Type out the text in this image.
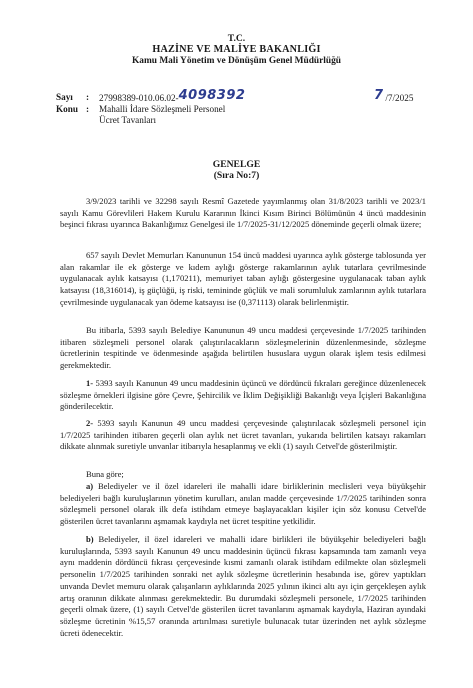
T.C.
HAZİNE VE MALİYE BAKANLIĞI
Kamu Mali Yönetim ve Dönüşüm Genel Müdürlüğü
Sayı : 27998389-010.06.02-4098392	7 /7/2025
Konu : Mahalli İdare Sözleşmeli Personel
Ücret Tavanları
GENELGE
(Sıra No:7)

3/9/2023 tarihli ve 32298 sayılı Resmî Gazetede yayımlanmış olan 31/8/2023 tarihli ve 2023/1 sayılı Kamu Görevlileri Hakem Kurulu Kararının İkinci Kısım Birinci Bölümünün 4 üncü maddesinin beşinci fıkrası uyarınca Bakanlığımız Genelgesi ile 1/7/2025-31/12/2025 döneminde geçerli olmak üzere;

657 sayılı Devlet Memurları Kanununun 154 üncü maddesi uyarınca aylık gösterge tablosunda yer alan rakamlar ile ek gösterge ve kıdem aylığı gösterge rakamlarının aylık tutarlara çevrilmesinde uygulanacak aylık katsayısı (1,170211), memuriyet taban aylığı göstergesine uygulanacak taban aylık katsayısı (18,316014), iş güçlüğü, iş riski, temininde güçlük ve mali sorumluluk zamlarının aylık tutarlara çevrilmesinde uygulanacak yan ödeme katsayısı ise (0,371113) olarak belirlenmiştir.

Bu itibarla, 5393 sayılı Belediye Kanununun 49 uncu maddesi çerçevesinde 1/7/2025 tarihinden itibaren sözleşmeli personel olarak çalıştırılacakların sözleşmelerinin düzenlenmesinde, sözleşme ücretlerinin tespitinde ve ödenmesinde aşağıda belirtilen hususlara uygun olarak işlem tesis edilmesi gerekmektedir.

1- 5393 sayılı Kanunun 49 uncu maddesinin üçüncü ve dördüncü fıkraları gereğince düzenlenecek sözleşme örnekleri ilgisine göre Çevre, Şehircilik ve İklim Değişikliği Bakanlığı veya İçişleri Bakanlığına gönderilecektir.

2- 5393 sayılı Kanunun 49 uncu maddesi çerçevesinde çalıştırılacak sözleşmeli personel için 1/7/2025 tarihinden itibaren geçerli olan aylık net ücret tavanları, yukarıda belirtilen katsayı rakamları dikkate alınmak suretiyle unvanlar itibarıyla hesaplanmış ve ekli (1) sayılı Cetvel'de gösterilmiştir.

Buna göre;

a) Belediyeler ve il özel idareleri ile mahalli idare birliklerinin meclisleri veya büyükşehir belediyeleri bağlı kuruluşlarının yönetim kurulları, anılan madde çerçevesinde 1/7/2025 tarihinden sonra sözleşmeli personel olarak ilk defa istihdam etmeye başlayacakları kişiler için söz konusu Cetvel'de gösterilen ücret tavanlarını aşmamak kaydıyla net ücret tespitine yetkilidir.

b) Belediyeler, il özel idareleri ve mahalli idare birlikleri ile büyükşehir belediyeleri bağlı kuruluşlarında, 5393 sayılı Kanunun 49 uncu maddesinin üçüncü fıkrası kapsamında tam zamanlı veya aynı maddenin dördüncü fıkrası çerçevesinde kısmi zamanlı olarak istihdam edilmekte olan sözleşmeli personelin 1/7/2025 tarihinden sonraki net aylık sözleşme ücretlerinin hesabında ise, görev yaptıkları unvanda Devlet memuru olarak çalışanların aylıklarında 2025 yılının ikinci altı ayı için gerçekleşen aylık artış oranının dikkate alınması gerekmektedir. Bu durumdaki sözleşmeli personele, 1/7/2025 tarihinden geçerli olmak üzere, (1) sayılı Cetvel'de gösterilen ücret tavanlarını aşmamak kaydıyla, Haziran ayındaki sözleşme ücretinin %15,57 oranında artırılması suretiyle bulunacak tutar üzerinden net aylık sözleşme ücreti ödenecektir.
